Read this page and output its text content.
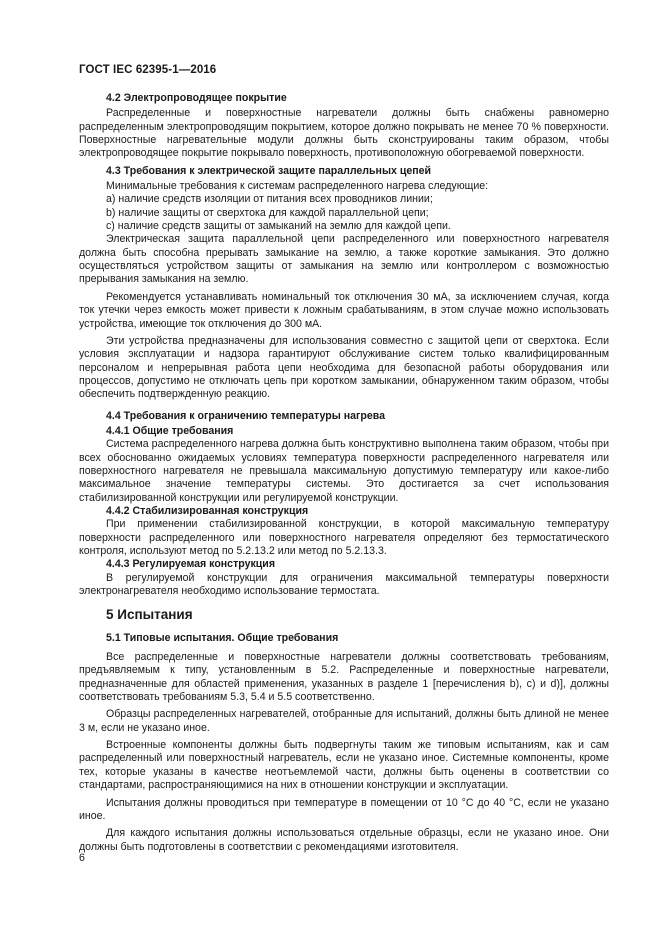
ГОСТ IEC 62395-1—2016
4.2 Электропроводящее покрытие

Распределенные и поверхностные нагреватели должны быть снабжены равномерно распределенным электропроводящим покрытием, которое должно покрывать не менее 70 % поверхности. Поверхностные нагревательные модули должны быть сконструированы таким образом, чтобы электропроводящее покрытие покрывало поверхность, противоположную обогреваемой поверхности.

4.3 Требования к электрической защите параллельных цепей

Минимальные требования к системам распределенного нагрева следующие:

a) наличие средств изоляции от питания всех проводников линии;
b) наличие защиты от сверхтока для каждой параллельной цепи;
c) наличие средств защиты от замыканий на землю для каждой цепи.

Электрическая защита параллельной цепи распределенного или поверхностного нагревателя должна быть способна прерывать замыкание на землю, а также короткие замыкания. Это должно осуществляться устройством защиты от замыкания на землю или контроллером с возможностью прерывания замыкания на землю.

Рекомендуется устанавливать номинальный ток отключения 30 мА, за исключением случая, когда ток утечки через емкость может привести к ложным срабатываниям, в этом случае можно использовать устройства, имеющие ток отключения до 300 мА.

Эти устройства предназначены для использования совместно с защитой цепи от сверхтока. Если условия эксплуатации и надзора гарантируют обслуживание систем только квалифицированным персоналом и непрерывная работа цепи необходима для безопасной работы оборудования или процессов, допустимо не отключать цепь при коротком замыкании, обнаруженном таким образом, чтобы обеспечить подтвержденную реакцию.

4.4 Требования к ограничению температуры нагрева
4.4.1 Общие требования

Система распределенного нагрева должна быть конструктивно выполнена таким образом, чтобы при всех обоснованно ожидаемых условиях температура поверхности распределенного нагревателя или поверхностного нагревателя не превышала максимальную допустимую температуру или какое-либо максимальное значение температуры системы. Это достигается за счет использования стабилизированной конструкции или регулируемой конструкции.

4.4.2 Стабилизированная конструкция

При применении стабилизированной конструкции, в которой максимальную температуру поверхности распределенного или поверхностного нагревателя определяют без термостатического контроля, используют метод по 5.2.13.2 или метод по 5.2.13.3.

4.4.3 Регулируемая конструкция

В регулируемой конструкции для ограничения максимальной температуры поверхности электронагревателя необходимо использование термостата.

5 Испытания
5.1 Типовые испытания. Общие требования

Все распределенные и поверхностные нагреватели должны соответствовать требованиям, предъявляемым к типу, установленным в 5.2. Распределенные и поверхностные нагреватели, предназначенные для областей применения, указанных в разделе 1 [перечисления b), c) и d)], должны соответствовать требованиям 5.3, 5.4 и 5.5 соответственно.

Образцы распределенных нагревателей, отобранные для испытаний, должны быть длиной не менее 3 м, если не указано иное.

Встроенные компоненты должны быть подвергнуты таким же типовым испытаниям, как и сам распределенный или поверхностный нагреватель, если не указано иное. Системные компоненты, кроме тех, которые указаны в качестве неотъемлемой части, должны быть оценены в соответствии со стандартами, распространяющимися на них в отношении конструкции и эксплуатации.

Испытания должны проводиться при температуре в помещении от 10 °С до 40 °С, если не указано иное.

Для каждого испытания должны использоваться отдельные образцы, если не указано иное. Они должны быть подготовлены в соответствии с рекомендациями изготовителя.

6
